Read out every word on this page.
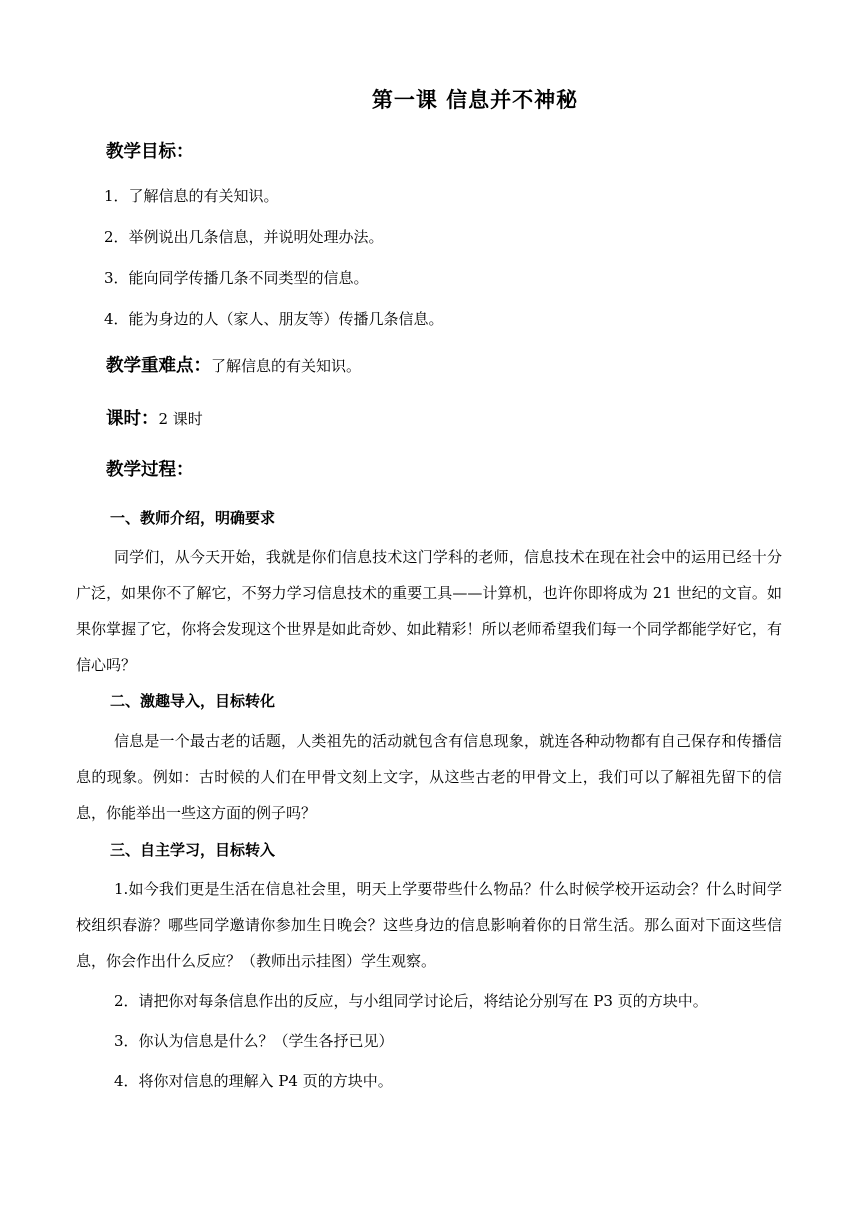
第一课 信息并不神秘
教学目标：

1．了解信息的有关知识。

2．举例说出几条信息，并说明处理办法。

3．能向同学传播几条不同类型的信息。

4．能为身边的人（家人、朋友等）传播几条信息。

教学重难点：了解信息的有关知识。
课时：2 课时
教学过程：
一、教师介绍，明确要求

同学们，从今天开始，我就是你们信息技术这门学科的老师，信息技术在现在社会中的运用已经十分广泛，如果你不了解它，不努力学习信息技术的重要工具——计算机，也许你即将成为 21 世纪的文盲。如果你掌握了它，你将会发现这个世界是如此奇妙、如此精彩！所以老师希望我们每一个同学都能学好它，有信心吗？

二、激趣导入，目标转化

信息是一个最古老的话题，人类祖先的活动就包含有信息现象，就连各种动物都有自己保存和传播信息的现象。例如：古时候的人们在甲骨文刻上文字，从这些古老的甲骨文上，我们可以了解祖先留下的信息，你能举出一些这方面的例子吗？

三、自主学习，目标转入

1.如今我们更是生活在信息社会里，明天上学要带些什么物品？什么时候学校开运动会？什么时间学校组织春游？哪些同学邀请你参加生日晚会？这些身边的信息影响着你的日常生活。那么面对下面这些信息，你会作出什么反应？（教师出示挂图）学生观察。

2．请把你对每条信息作出的反应，与小组同学讨论后，将结论分别写在 P3 页的方块中。

3．你认为信息是什么？（学生各抒已见）

4．将你对信息的理解入 P4 页的方块中。
